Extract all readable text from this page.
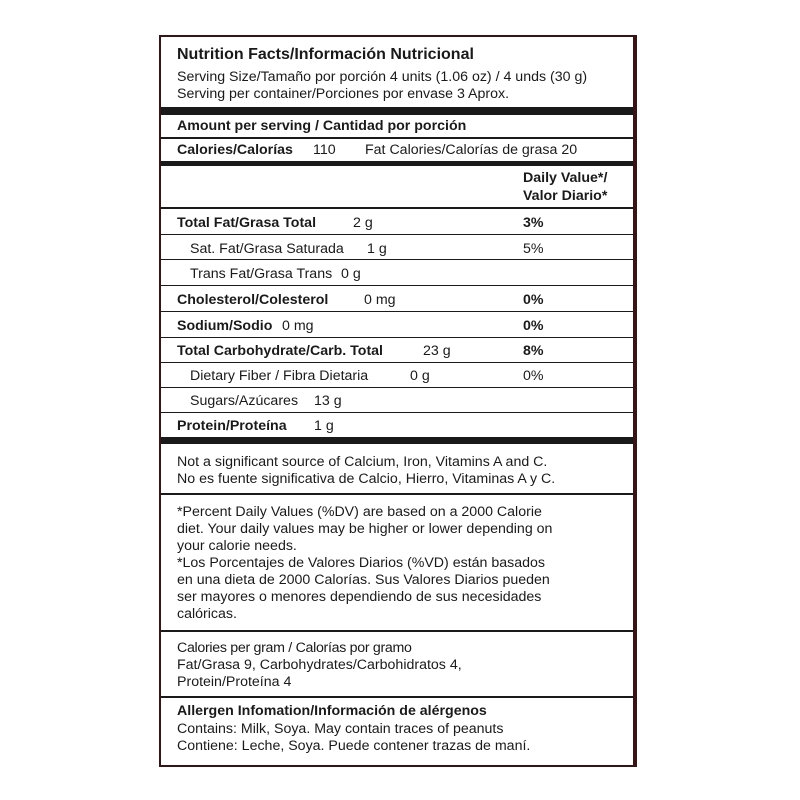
Nutrition Facts/Información Nutricional
Serving Size/Tamaño por porción 4 units (1.06 oz) / 4 unds (30 g)
Serving per container/Porciones por envase 3 Aprox.
Amount per serving / Cantidad por porción
Calories/Calorías 110 Fat Calories/Calorías de grasa 20
Daily Value*/
Valor Diario*
Total Fat/Grasa Total	2 g	3%
Sat. Fat/Grasa Saturada 1 g	5%
Trans Fat/Grasa Trans 0 g
Cholesterol/Colesterol	0 mg	0%
Sodium/Sodio 0 mg	0%
Total Carbohydrate/Carb. Total	23 g	8%
Dietary Fiber / Fibra Dietaria	0 g	0%
Sugars/Azúcares 13 g
Protein/Proteína 1 g
Not a significant source of Calcium, Iron, Vitamins A and C.
No es fuente significativa de Calcio, Hierro, Vitaminas A y C.
*Percent Daily Values (%DV) are based on a 2000 Calorie
diet. Your daily values may be higher or lower depending on
your calorie needs.
*Los Porcentajes de Valores Diarios (%VD) están basados
en una dieta de 2000 Calorías. Sus Valores Diarios pueden
ser mayores o menores dependiendo de sus necesidades
calóricas.
Calories per gram / Calorías por gramo
Fat/Grasa 9, Carbohydrates/Carbohidratos 4,
Protein/Proteína 4
Allergen Infomation/Información de alérgenos
Contains: Milk, Soya. May contain traces of peanuts
Contiene: Leche, Soya. Puede contener trazas de maní.
